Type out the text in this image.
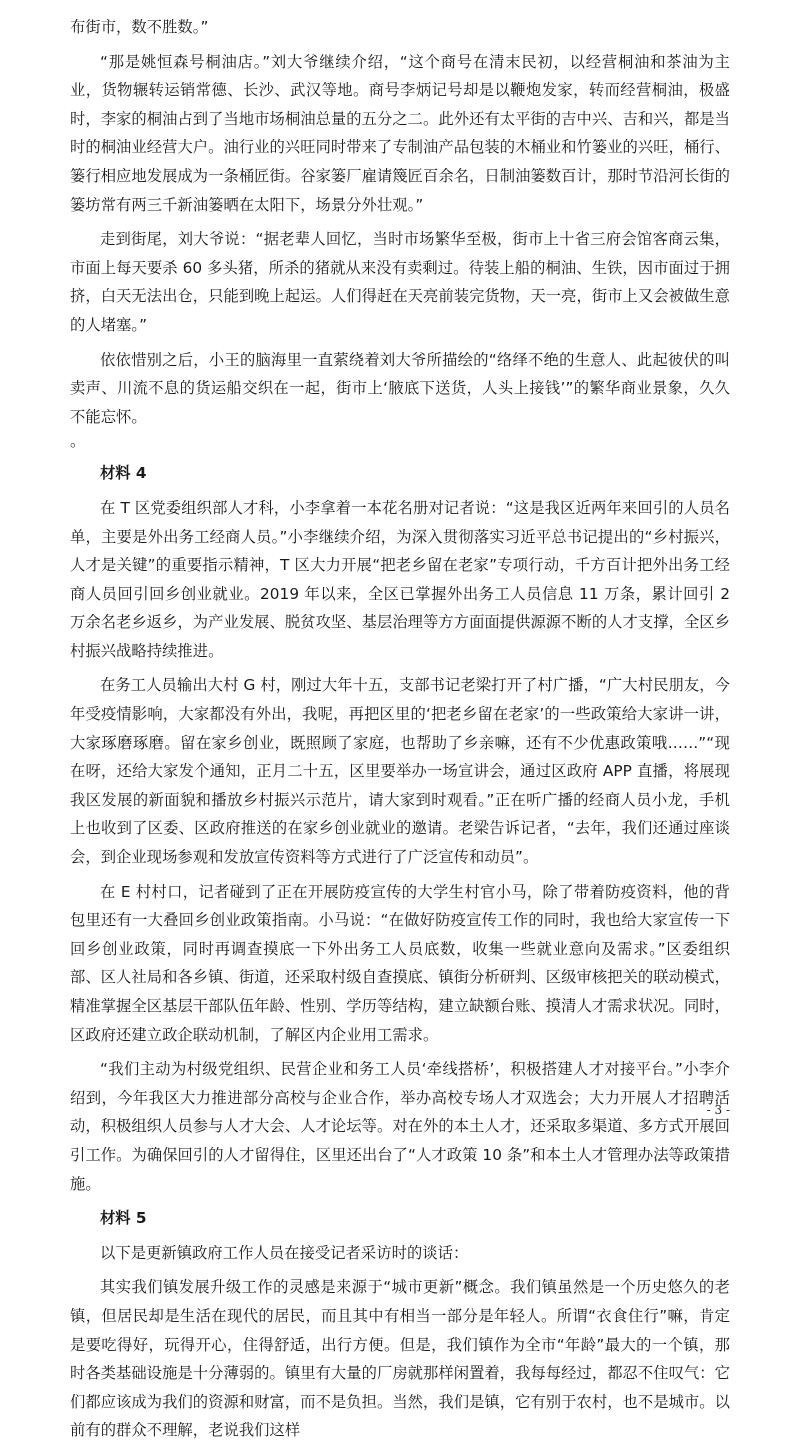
布街市，数不胜数。”

“那是姚恒森号桐油店。”刘大爷继续介绍，“这个商号在清末民初，以经营桐油和茶油为主业，货物辗转运销常德、长沙、武汉等地。商号李炳记号却是以鞭炮发家，转而经营桐油，极盛时，李家的桐油占到了当地市场桐油总量的五分之二。此外还有太平街的吉中兴、吉和兴，都是当时的桐油业经营大户。油行业的兴旺同时带来了专制油产品包装的木桶业和竹篓业的兴旺，桶行、篓行相应地发展成为一条桶匠街。谷家篓厂雇请篾匠百余名，日制油篓数百计，那时节沿河长街的篓坊常有两三千新油篓晒在太阳下，场景分外壮观。”

走到街尾，刘大爷说：“据老辈人回忆，当时市场繁华至极，街市上十省三府会馆客商云集，市面上每天要杀 60 多头猪，所杀的猪就从来没有卖剩过。待装上船的桐油、生铁，因市面过于拥挤，白天无法出仓，只能到晚上起运。人们得赶在天亮前装完货物，天一亮，街市上又会被做生意的人堵塞。”

依依惜别之后，小王的脑海里一直萦绕着刘大爷所描绘的“络绎不绝的生意人、此起彼伏的叫卖声、川流不息的货运船交织在一起，街市上‘腋底下送货，人头上接钱’”的繁华商业景象，久久不能忘怀。

。
材料 4

在 T 区党委组织部人才科，小李拿着一本花名册对记者说：“这是我区近两年来回引的人员名单，主要是外出务工经商人员。”小李继续介绍，为深入贯彻落实习近平总书记提出的“乡村振兴，人才是关键”的重要指示精神，T 区大力开展“把老乡留在老家”专项行动，千方百计把外出务工经商人员回引回乡创业就业。2019 年以来，全区已掌握外出务工人员信息 11 万条，累计回引 2 万余名老乡返乡，为产业发展、脱贫攻坚、基层治理等方方面面提供源源不断的人才支撑，全区乡村振兴战略持续推进。

在务工人员输出大村 G 村，刚过大年十五，支部书记老梁打开了村广播，“广大村民朋友，今年受疫情影响，大家都没有外出，我呢，再把区里的‘把老乡留在老家’的一些政策给大家讲一讲，大家琢磨琢磨。留在家乡创业，既照顾了家庭，也帮助了乡亲嘛，还有不少优惠政策哦……”“现在呀，还给大家发个通知，正月二十五，区里要举办一场宣讲会，通过区政府 APP 直播，将展现我区发展的新面貌和播放乡村振兴示范片，请大家到时观看。”正在听广播的经商人员小龙，手机上也收到了区委、区政府推送的在家乡创业就业的邀请。老梁告诉记者，“去年，我们还通过座谈会，到企业现场参观和发放宣传资料等方式进行了广泛宣传和动员”。

在 E 村村口，记者碰到了正在开展防疫宣传的大学生村官小马，除了带着防疫资料，他的背包里还有一大叠回乡创业政策指南。小马说：“在做好防疫宣传工作的同时，我也给大家宣传一下回乡创业政策，同时再调查摸底一下外出务工人员底数，收集一些就业意向及需求。”区委组织部、区人社局和各乡镇、街道，还采取村级自查摸底、镇街分析研判、区级审核把关的联动模式，精准掌握全区基层干部队伍年龄、性别、学历等结构，建立缺额台账、摸清人才需求状况。同时，区政府还建立政企联动机制，了解区内企业用工需求。

“我们主动为村级党组织、民营企业和务工人员‘牵线搭桥’，积极搭建人才对接平台。”小李介绍到，今年我区大力推进部分高校与企业合作，举办高校专场人才双选会；大力开展人才招聘活动，积极组织人员参与人才大会、人才论坛等。对在外的本土人才，还采取多渠道、多方式开展回引工作。为确保回引的人才留得住，区里还出台了“人才政策 10 条”和本土人才管理办法等政策措施。

材料 5

以下是更新镇政府工作人员在接受记者采访时的谈话：

其实我们镇发展升级工作的灵感是来源于“城市更新”概念。我们镇虽然是一个历史悠久的老镇，但居民却是生活在现代的居民，而且其中有相当一部分是年轻人。所谓“衣食住行”嘛，肯定是要吃得好，玩得开心，住得舒适，出行方便。但是，我们镇作为全市“年龄”最大的一个镇，那时各类基础设施是十分薄弱的。镇里有大量的厂房就那样闲置着，我每每经过，都忍不住叹气：它们都应该成为我们的资源和财富，而不是负担。当然，我们是镇，它有别于农村，也不是城市。以前有的群众不理解，老说我们这样

- 3 -
